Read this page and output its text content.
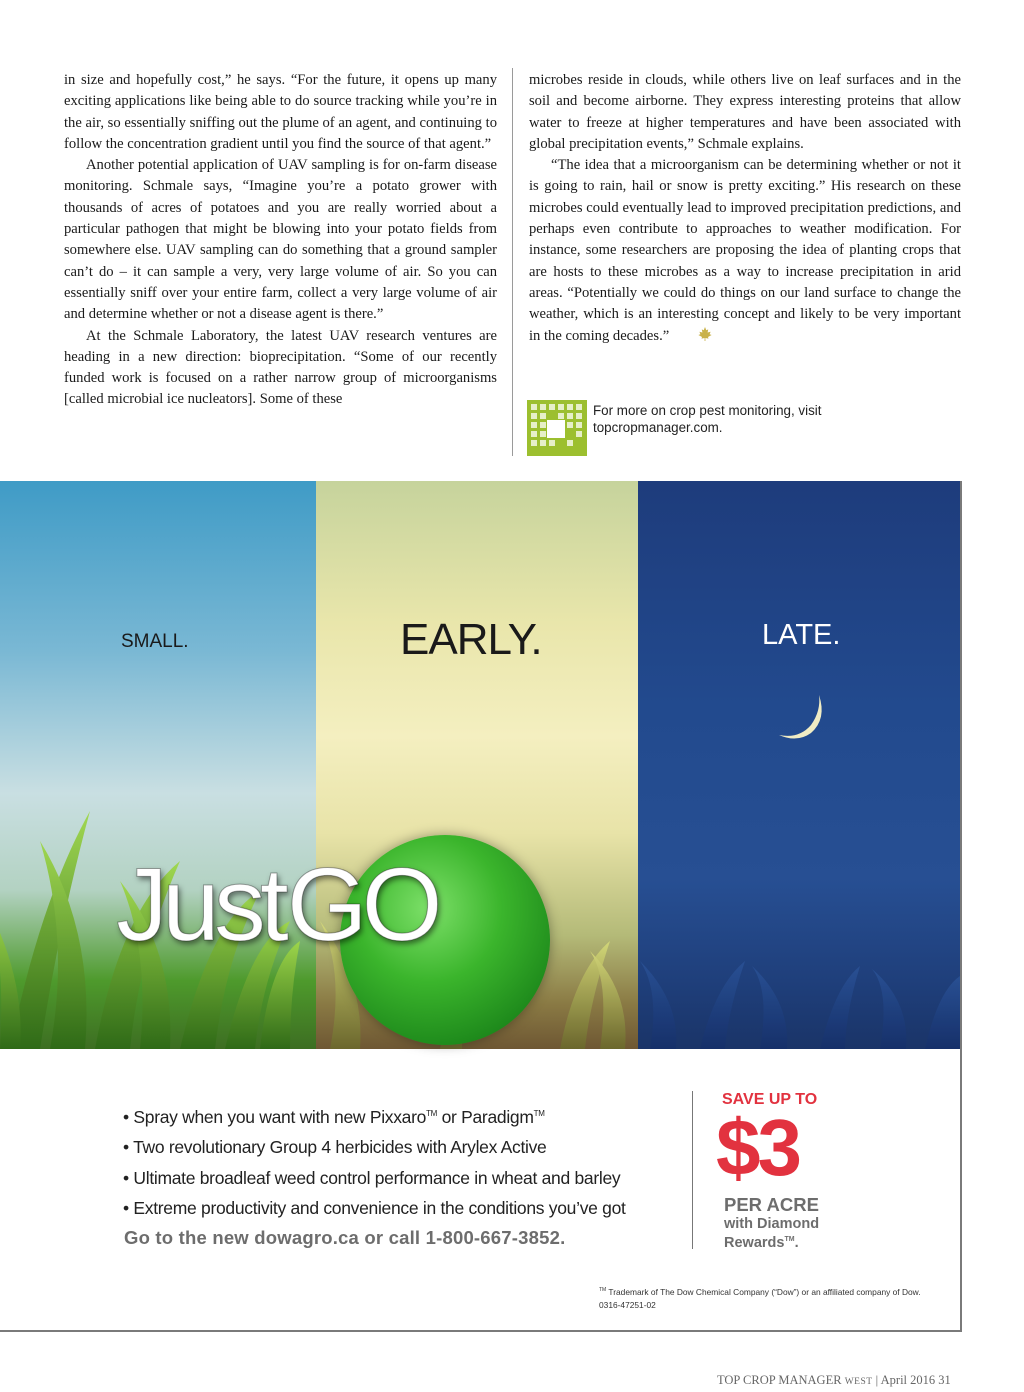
in size and hopefully cost,” he says. “For the future, it opens up many exciting applications like being able to do source tracking while you’re in the air, so essentially sniffing out the plume of an agent, and continuing to follow the concentration gradient until you find the source of that agent.”

Another potential application of UAV sampling is for on-farm disease monitoring. Schmale says, “Imagine you’re a potato grower with thousands of acres of potatoes and you are really worried about a particular pathogen that might be blowing into your potato fields from somewhere else. UAV sampling can do something that a ground sampler can’t do – it can sample a very, very large volume of air. So you can essentially sniff over your entire farm, collect a very large volume of air and determine whether or not a disease agent is there.”

At the Schmale Laboratory, the latest UAV research ventures are heading in a new direction: bioprecipitation. “Some of our recently funded work is focused on a rather narrow group of microorganisms [called microbial ice nucleators]. Some of these

microbes reside in clouds, while others live on leaf surfaces and in the soil and become airborne. They express interesting proteins that allow water to freeze at higher temperatures and have been associated with global precipitation events,” Schmale explains.

“The idea that a microorganism can be determining whether or not it is going to rain, hail or snow is pretty exciting.” His research on these microbes could eventually lead to improved precipitation predictions, and perhaps even contribute to approaches to weather modification. For instance, some researchers are proposing the idea of planting crops that are hosts to these microbes as a way to increase precipitation in arid areas. “Potentially we could do things on our land surface to change the weather, which is an interesting concept and likely to be very important in the coming decades.”

For more on crop pest monitoring, visit
topcropmanager.com.
SMALL.	EARLY.	LATE.
JustGO
• Spray when you want with new Pixxaro™ or Paradigm™
• Two revolutionary Group 4 herbicides with Arylex Active
• Ultimate broadleaf weed control performance in wheat and barley
• Extreme productivity and convenience in the conditions you’ve got
Go to the new dowagro.ca or call 1-800-667-3852.
SAVE UP TO
$3
PER ACRE
with Diamond
Rewards™.
™ Trademark of The Dow Chemical Company (“Dow”) or an affiliated company of Dow.
0316-47251-02
TOP CROP MANAGER WEST | April 2016 31
